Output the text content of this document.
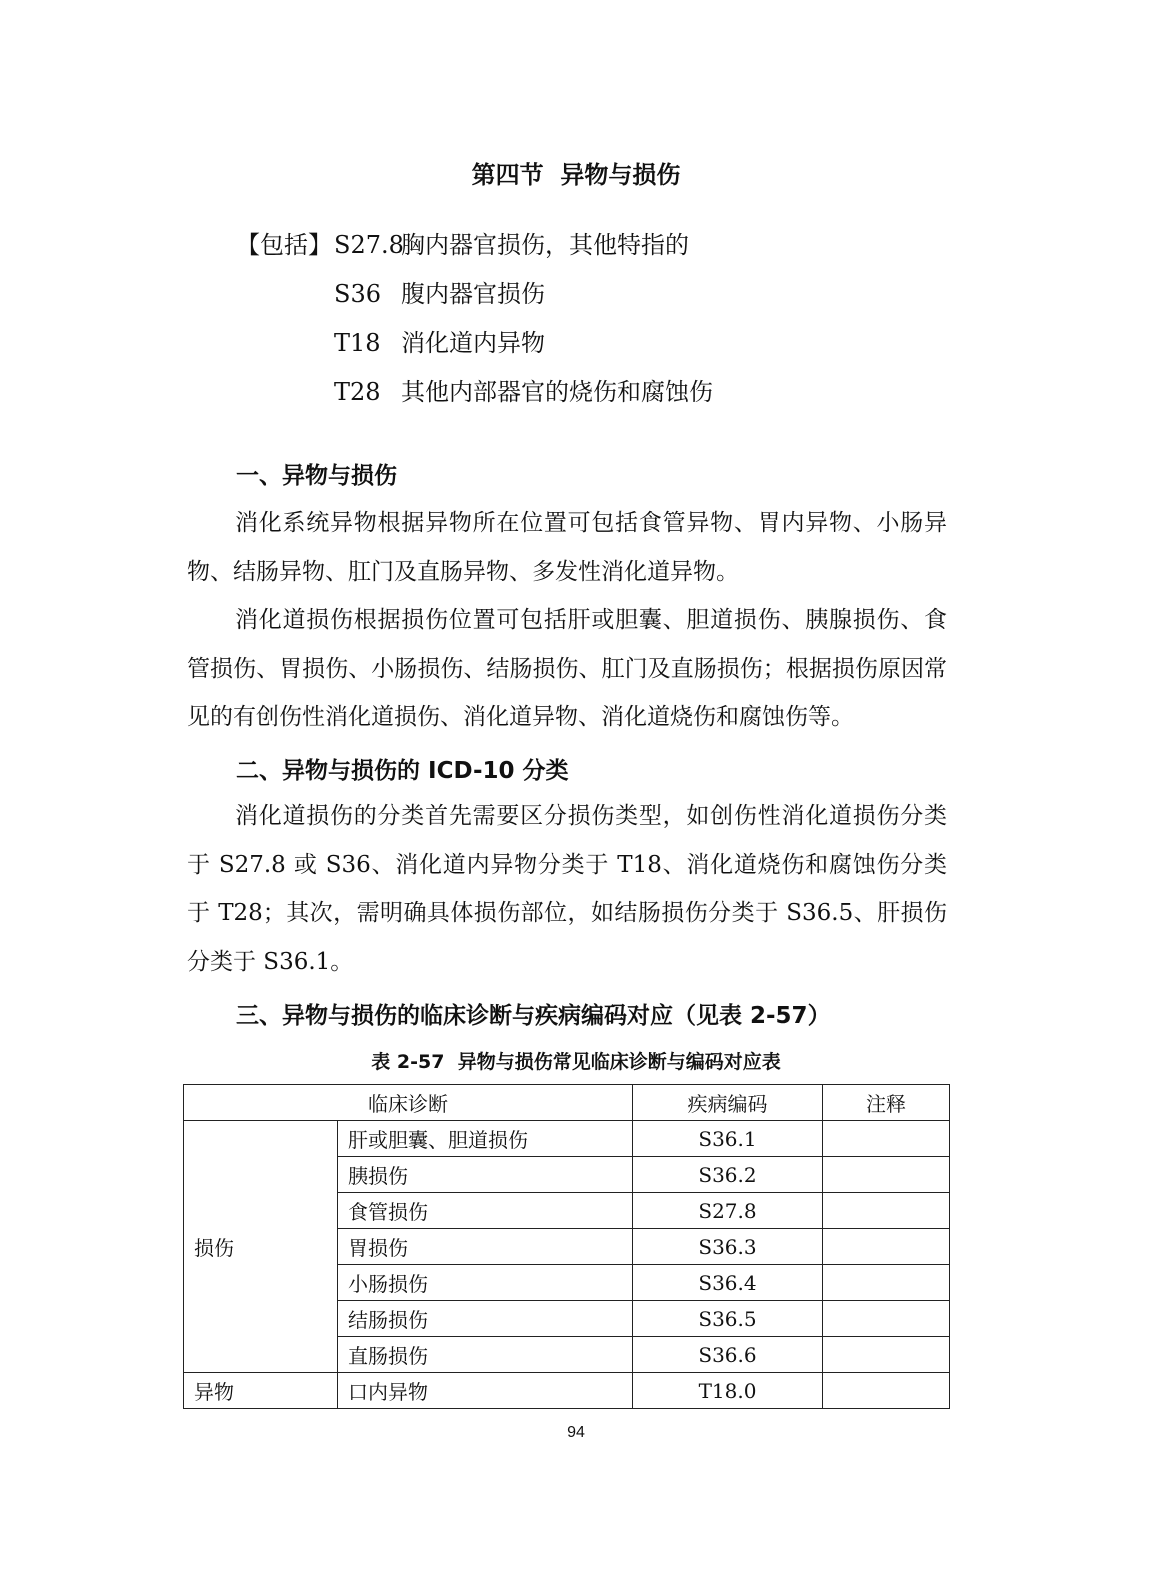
第四节  异物与损伤
【包括】 S27.8
胸内器官损伤，其他特指的
S36 腹内器官损伤
T18 消化道内异物
T28 其他内部器官的烧伤和腐蚀伤
一、异物与损伤

消化系统异物根据异物所在位置可包括食管异物、胃内异物、小肠异物、结肠异物、肛门及直肠异物、多发性消化道异物。

消化道损伤根据损伤位置可包括肝或胆囊、胆道损伤、胰腺损伤、食管损伤、胃损伤、小肠损伤、结肠损伤、肛门及直肠损伤；根据损伤原因常见的有创伤性消化道损伤、消化道异物、消化道烧伤和腐蚀伤等。

二、异物与损伤的 ICD-10 分类

消化道损伤的分类首先需要区分损伤类型，如创伤性消化道损伤分类于 S27.8 或 S36、消化道内异物分类于 T18、消化道烧伤和腐蚀伤分类于 T28；其次，需明确具体损伤部位，如结肠损伤分类于 S36.5、肝损伤分类于 S36.1。

三、异物与损伤的临床诊断与疾病编码对应（见表 2-57）
表 2-57  异物与损伤常见临床诊断与编码对应表
临床诊断		疾病编码	注释
损伤	肝或胆囊、胆道损伤	S36.1	
	胰损伤	S36.2	
	食管损伤	S27.8	
	胃损伤	S36.3	
	小肠损伤	S36.4	
	结肠损伤	S36.5	
	直肠损伤	S36.6	
异物	口内异物	T18.0	
94
